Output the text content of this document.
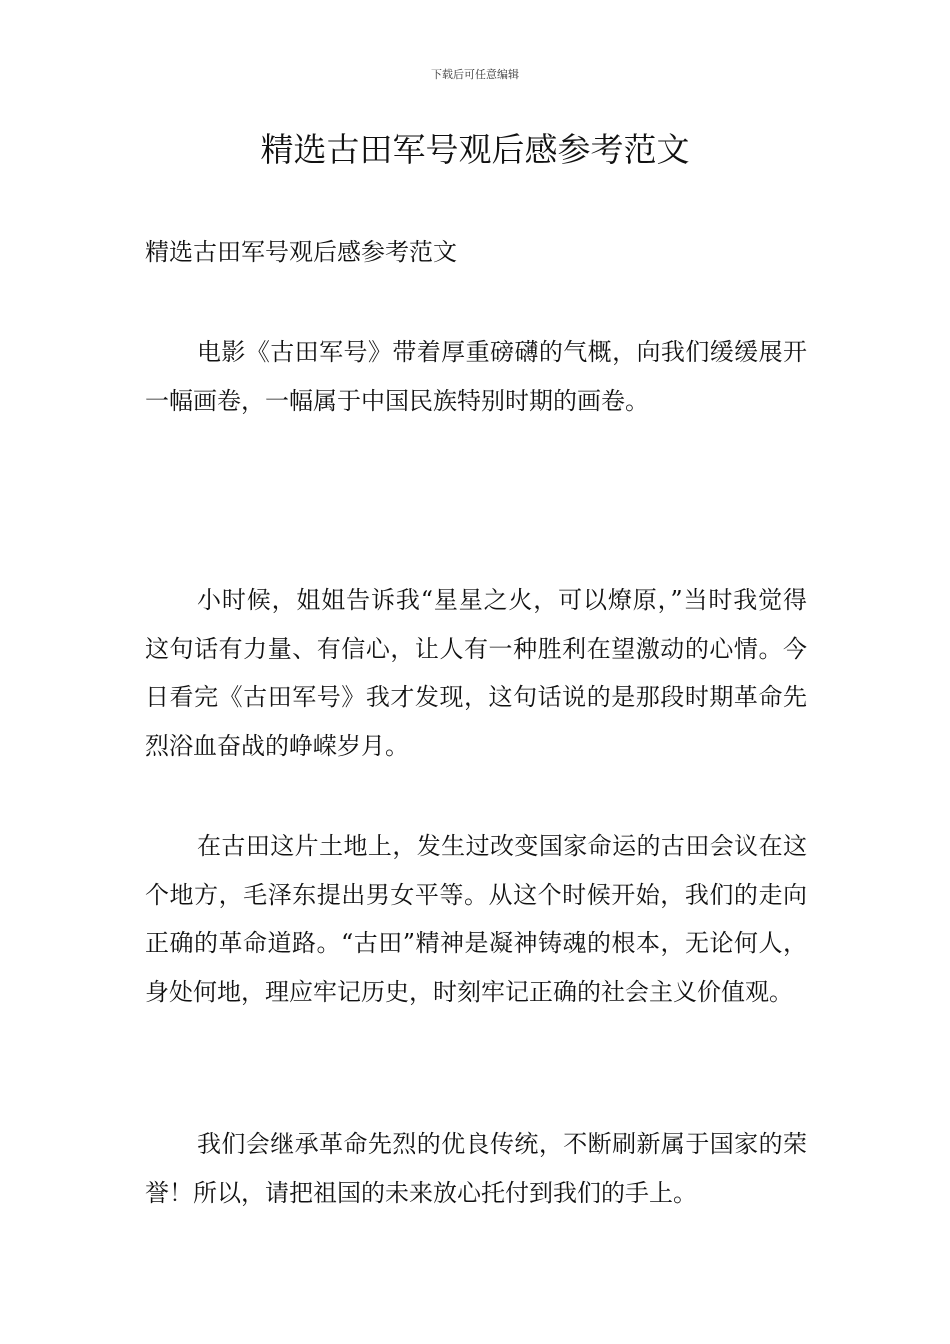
下载后可任意编辑
精选古田军号观后感参考范文

精选古田军号观后感参考范文

电影《古田军号》带着厚重磅礴的气概，向我们缓缓展开一幅画卷，一幅属于中国民族特别时期的画卷。

小时候，姐姐告诉我“星星之火，可以燎原，”当时我觉得这句话有力量、有信心，让人有一种胜利在望激动的心情。今日看完《古田军号》我才发现，这句话说的是那段时期革命先烈浴血奋战的峥嵘岁月。

在古田这片土地上，发生过改变国家命运的古田会议在这个地方，毛泽东提出男女平等。从这个时候开始，我们的走向正确的革命道路。“古田”精神是凝神铸魂的根本，无论何人，身处何地，理应牢记历史，时刻牢记正确的社会主义价值观。

我们会继承革命先烈的优良传统，不断刷新属于国家的荣誉！所以，请把祖国的未来放心托付到我们的手上。
